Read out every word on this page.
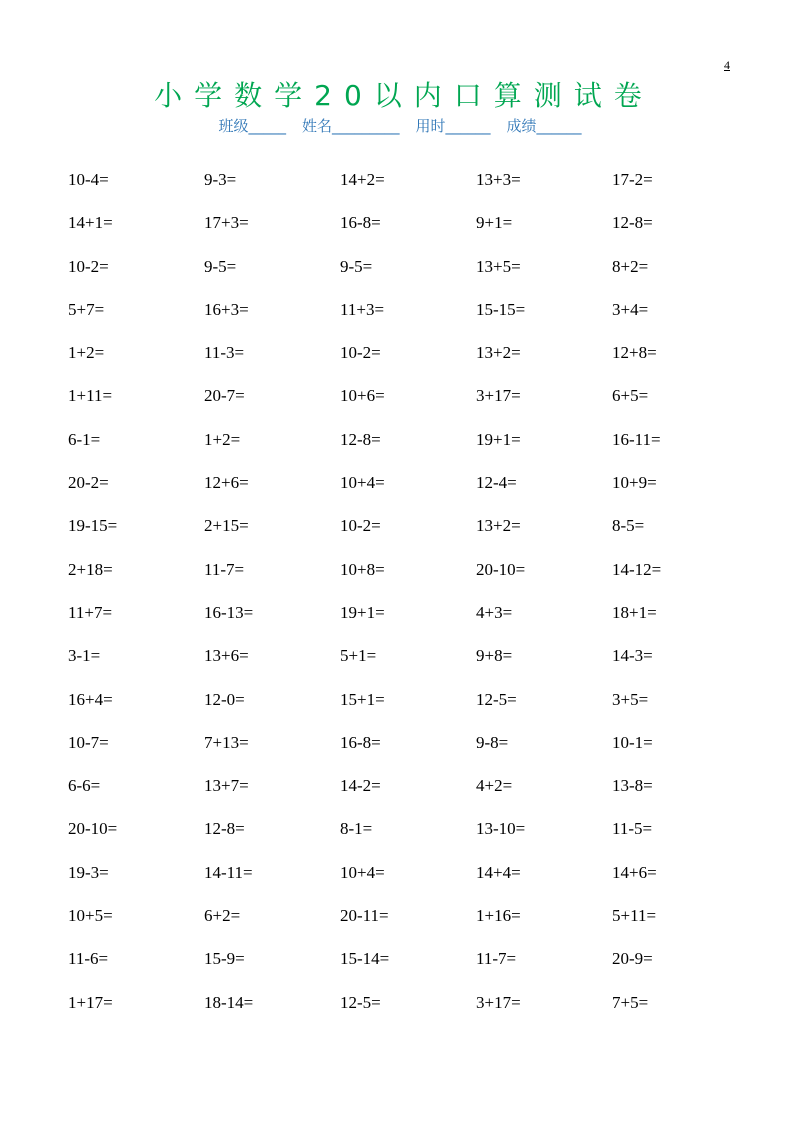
4
小学数学20以内口算测试卷
班级_____ 姓名_________ 用时______ 成绩______
10-4=	9-3=	14+2=	13+3=	17-2=
14+1=	17+3=	16-8=	9+1=	12-8=
10-2=	9-5=	9-5=	13+5=	8+2=
5+7=	16+3=	11+3=	15-15=	3+4=
1+2=	11-3=	10-2=	13+2=	12+8=
1+11=	20-7=	10+6=	3+17=	6+5=
6-1=	1+2=	12-8=	19+1=	16-11=
20-2=	12+6=	10+4=	12-4=	10+9=
19-15=	2+15=	10-2=	13+2=	8-5=
2+18=	11-7=	10+8=	20-10=	14-12=
11+7=	16-13=	19+1=	4+3=	18+1=
3-1=	13+6=	5+1=	9+8=	14-3=
16+4=	12-0=	15+1=	12-5=	3+5=
10-7=	7+13=	16-8=	9-8=	10-1=
6-6=	13+7=	14-2=	4+2=	13-8=
20-10=	12-8=	8-1=	13-10=	11-5=
19-3=	14-11=	10+4=	14+4=	14+6=
10+5=	6+2=	20-11=	1+16=	5+11=
11-6=	15-9=	15-14=	11-7=	20-9=
1+17=	18-14=	12-5=	3+17=	7+5=
